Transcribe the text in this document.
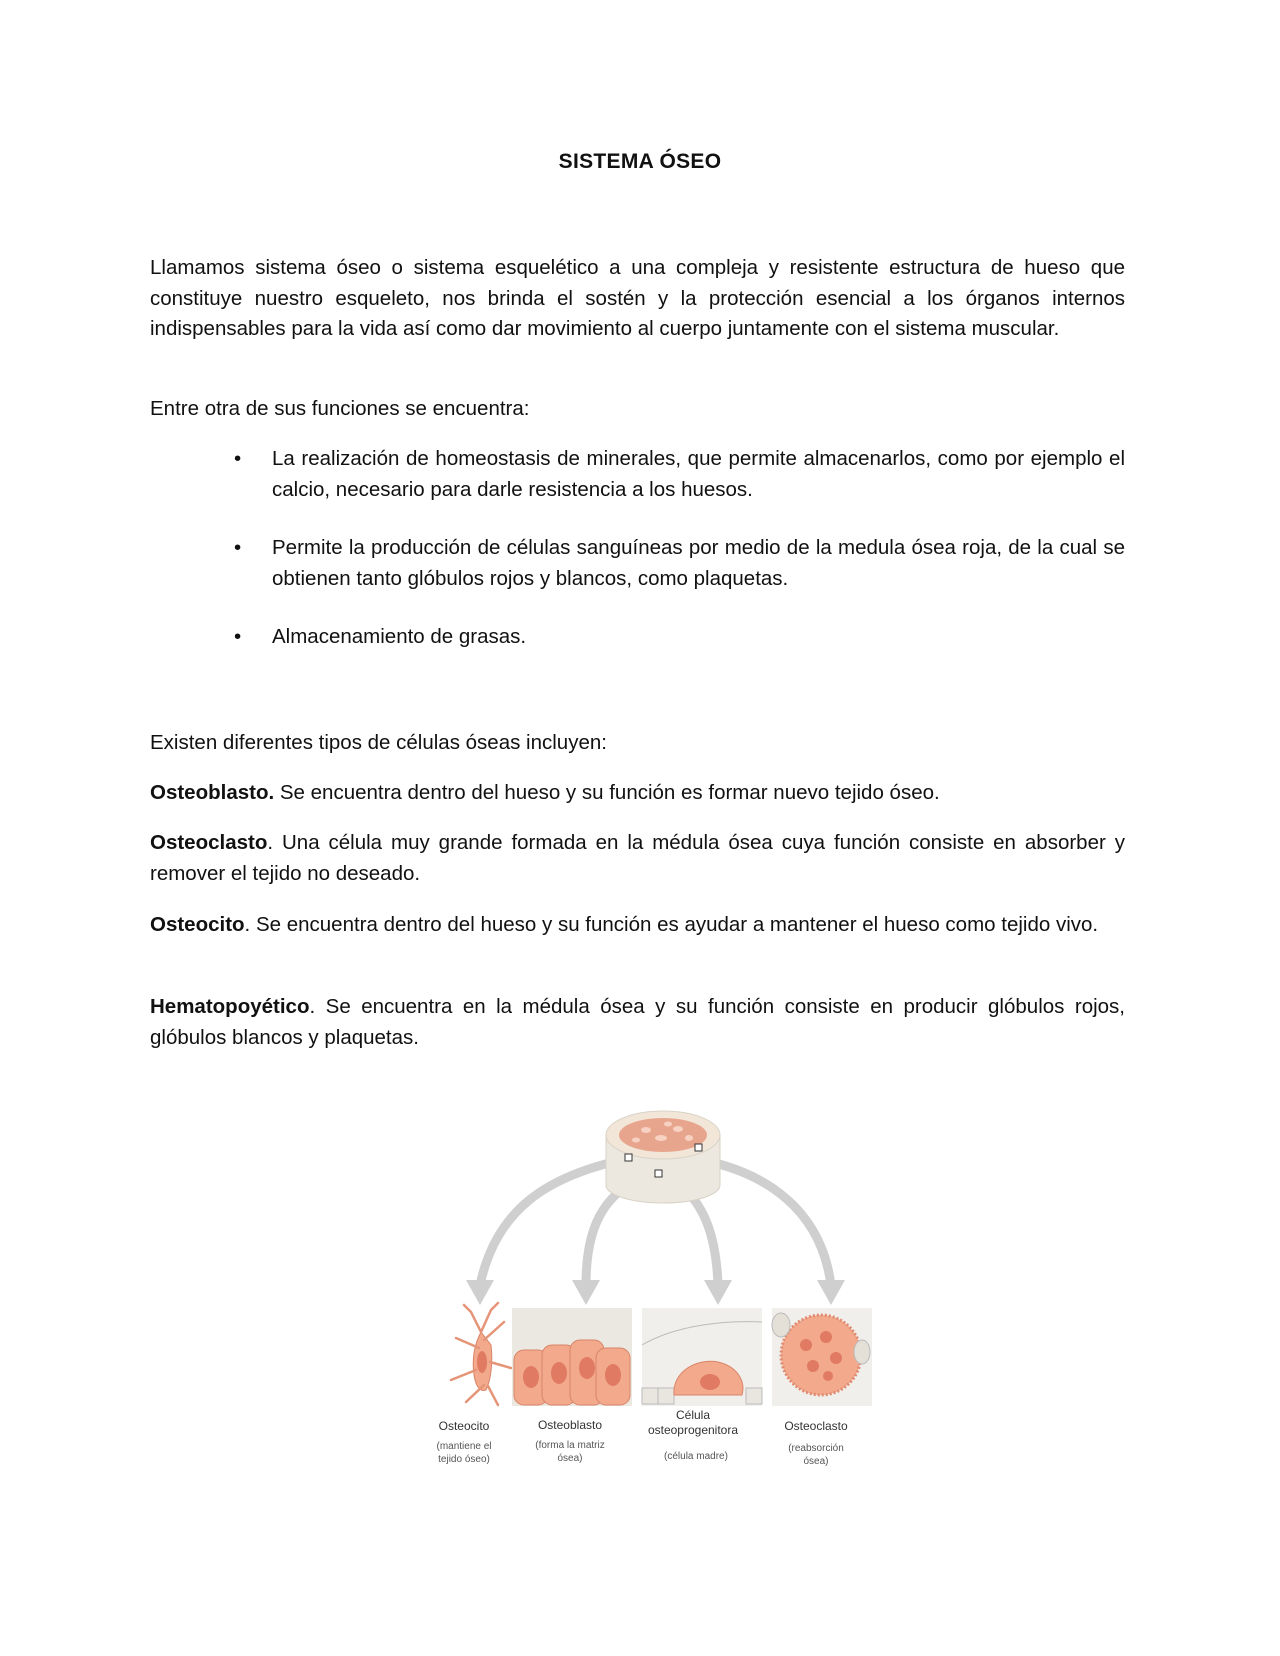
SISTEMA ÓSEO
Llamamos sistema óseo o sistema esquelético a una compleja y resistente estructura de hueso que constituye nuestro esqueleto, nos brinda el sostén y la protección esencial a los órganos internos indispensables para la vida así como dar movimiento al cuerpo juntamente con el sistema muscular.
Entre otra de sus funciones se encuentra:
•	La realización de homeostasis de minerales, que permite almacenarlos, como por ejemplo el calcio, necesario para darle resistencia a los huesos.
•	Permite la producción de células sanguíneas por medio de la medula ósea roja, de la cual se obtienen tanto glóbulos rojos y blancos, como plaquetas.
•	Almacenamiento de grasas.
Existen diferentes tipos de células óseas incluyen:
Osteoblasto. Se encuentra dentro del hueso y su función es formar nuevo tejido óseo.
Osteoclasto. Una célula muy grande formada en la médula ósea cuya función consiste en absorber y remover el tejido no deseado.
Osteocito. Se encuentra dentro del hueso y su función es ayudar a mantener el hueso como tejido vivo.
Hematopoyético. Se encuentra en la médula ósea y su función consiste en producir glóbulos rojos, glóbulos blancos y plaquetas.
Osteocito
(mantiene el
tejido óseo)
Osteoblasto
(forma la matriz
ósea)
Célula
osteoprogenitora
(célula madre)
Osteoclasto
(reabsorción
ósea)
